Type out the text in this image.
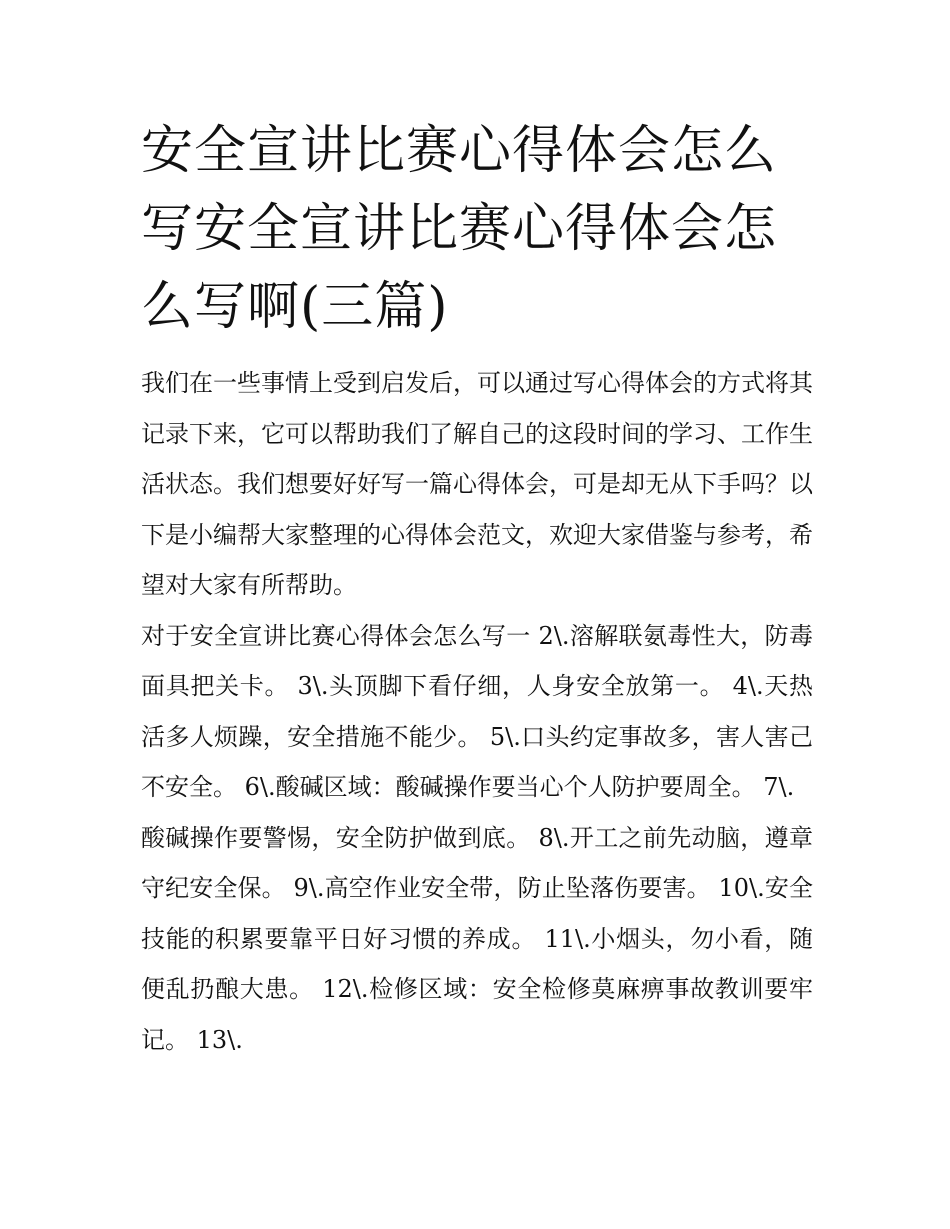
安全宣讲比赛心得体会怎么写安全宣讲比赛心得体会怎么写啊(三篇)

我们在一些事情上受到启发后，可以通过写心得体会的方式将其记录下来，它可以帮助我们了解自己的这段时间的学习、工作生活状态。我们想要好好写一篇心得体会，可是却无从下手吗？以下是小编帮大家整理的心得体会范文，欢迎大家借鉴与参考，希望对大家有所帮助。

对于安全宣讲比赛心得体会怎么写一 2\.溶解联氨毒性大，防毒面具把关卡。 3\.头顶脚下看仔细，人身安全放第一。 4\.天热活多人烦躁，安全措施不能少。 5\.口头约定事故多，害人害己不安全。 6\.酸碱区域：酸碱操作要当心个人防护要周全。 7\.

酸碱操作要警惕，安全防护做到底。 8\.开工之前先动脑，遵章守纪安全保。 9\.高空作业安全带，防止坠落伤要害。 10\.安全技能的积累要靠平日好习惯的养成。 11\.小烟头，勿小看，随便乱扔酿大患。 12\.检修区域：安全检修莫麻痹事故教训要牢记。 13\.
